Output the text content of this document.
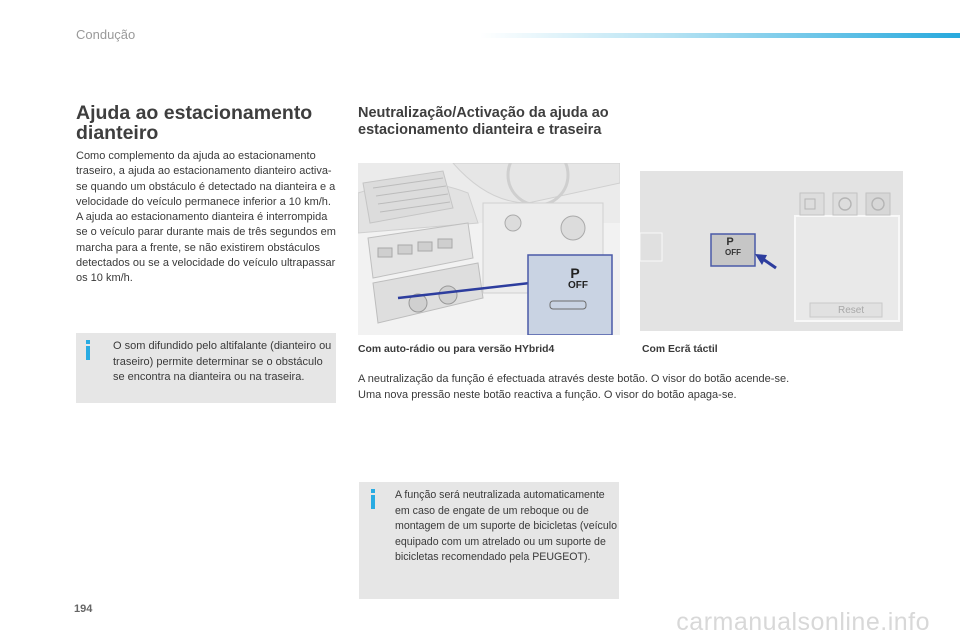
Condução
Ajuda ao estacionamento dianteiro
Como complemento da ajuda ao estacionamento traseiro, a ajuda ao estacionamento dianteiro activa-se quando um obstáculo é detectado na dianteira e a velocidade do veículo permanece inferior a 10 km/h.
A ajuda ao estacionamento dianteira é interrompida se o veículo parar durante mais de três segundos em marcha para a frente, se não existirem obstáculos detectados ou se a velocidade do veículo ultrapassar os 10 km/h.
O som difundido pelo altifalante (dianteiro ou traseiro) permite determinar se o obstáculo se encontra na dianteira ou na traseira.
Neutralização/Activação da ajuda ao estacionamento dianteira e traseira
P
OFF
P
OFF
Reset
Com auto-rádio ou para versão HYbrid4	Com Ecrã táctil
A neutralização da função é efectuada através deste botão. O visor do botão acende-se.
Uma nova pressão neste botão reactiva a função. O visor do botão apaga-se.
A função será neutralizada automaticamente em caso de engate de um reboque ou de montagem de um suporte de bicicletas (veículo equipado com um atrelado ou um suporte de bicicletas recomendado pela PEUGEOT).
194	carmanualsonline.info
